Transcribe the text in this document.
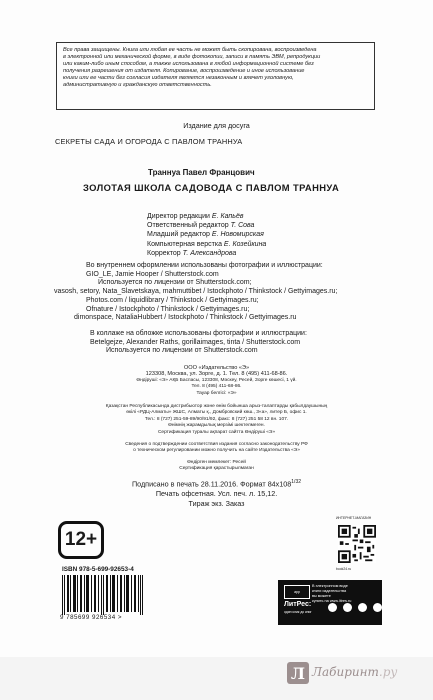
Все права защищены. Книга или любая ее часть не может быть скопирована, воспроизведена
в электронной или механической форме, в виде фотокопии, записи в память ЭВМ, репродукции
или каким-либо иным способом, а также использована в любой информационной системе без
получения разрешения от издателя. Копирование, воспроизведение и иное использование
книги или ее части без согласия издателя является незаконным и влечет уголовную,
административную и гражданскую ответственность.
Издание для досуга
СЕКРЕТЫ САДА И ОГОРОДА С ПАВЛОМ ТРАННУА
Траннуа Павел Францович
ЗОЛОТАЯ ШКОЛА САДОВОДА С ПАВЛОМ ТРАННУА
Директор редакции Е. Капьёв
Ответственный редактор Т. Сова
Младший редактор Е. Новомирская
Компьютерная верстка Е. Козейкина
Корректор Т. Александрова
Во внутреннем оформлении использованы фотографии и иллюстрации:
GIO_LE, Jamie Hooper / Shutterstock.com
Используется по лицензии от Shutterstock.com;
vasosh, setory, Nata_Slavetskaya, mahmuttibet / Istockphoto / Thinkstock / Gettyimages.ru;
Photos.com / liquidlibrary / Thinkstock / Gettyimages.ru;
Ofnature / Istockphoto / Thinkstock / Gettyimages.ru;
dimonspace, NataliaHubbert / Istockphoto / Thinkstock / Gettyimages.ru
В коллаже на обложке использованы фотографии и иллюстрации:
Betelgejze, Alexander Raths, gorillaimages, tinta / Shutterstock.com
Используется по лицензии от Shutterstock.com
ООО «Издательство «Э»
123308, Москва, ул. Зорге, д. 1. Тел. 8 (495) 411-68-86.
Өндіруші: «Э» АҚБ Баспасы, 123308, Мәскеу, Ресей, Зорге көшесі, 1 үй.
Тел. 8 (495) 411-68-86.
Тауар белгісі: «Э»
Қазақстан Республикасында дистрибьютор және өнім бойынша арыз-талаптарды қабылдаушының
өкілі «РДЦ-Алматы» ЖШС, Алматы қ., Домбровский көш., 3«а», литер Б, офис 1.
Тел.: 8 (727) 251-59-89/90/91/92, факс: 8 (727) 251 58 12 вн. 107.
Өнімнің жарамдылық мерзімі шектелмеген.
Сертификация туралы ақпарат сайтта Өндіруші «Э»
Сведения о подтверждении соответствия издания согласно законодательству РФ
о техническом регулировании можно получить на сайте Издательства «Э»
Өндірген мемлекет: Ресей
Сертификация қарастырылмаған
Подписано в печать 28.11.2016. Формат $84x108^{1/32}$
Печать офсетная. Усл. печ. л. 15,12.
Тираж экз. Заказ
12+
ISBN 978-5-699-92653-4
9 785699 926534 >
ИНТЕРНЕТ-МАГАЗИН
book24.ru
app
В электронном виде
книги издательства
вы можете
купить на www.litres.ru
ЛитРес:
один клик до книг
Л Лабиринт.ру
